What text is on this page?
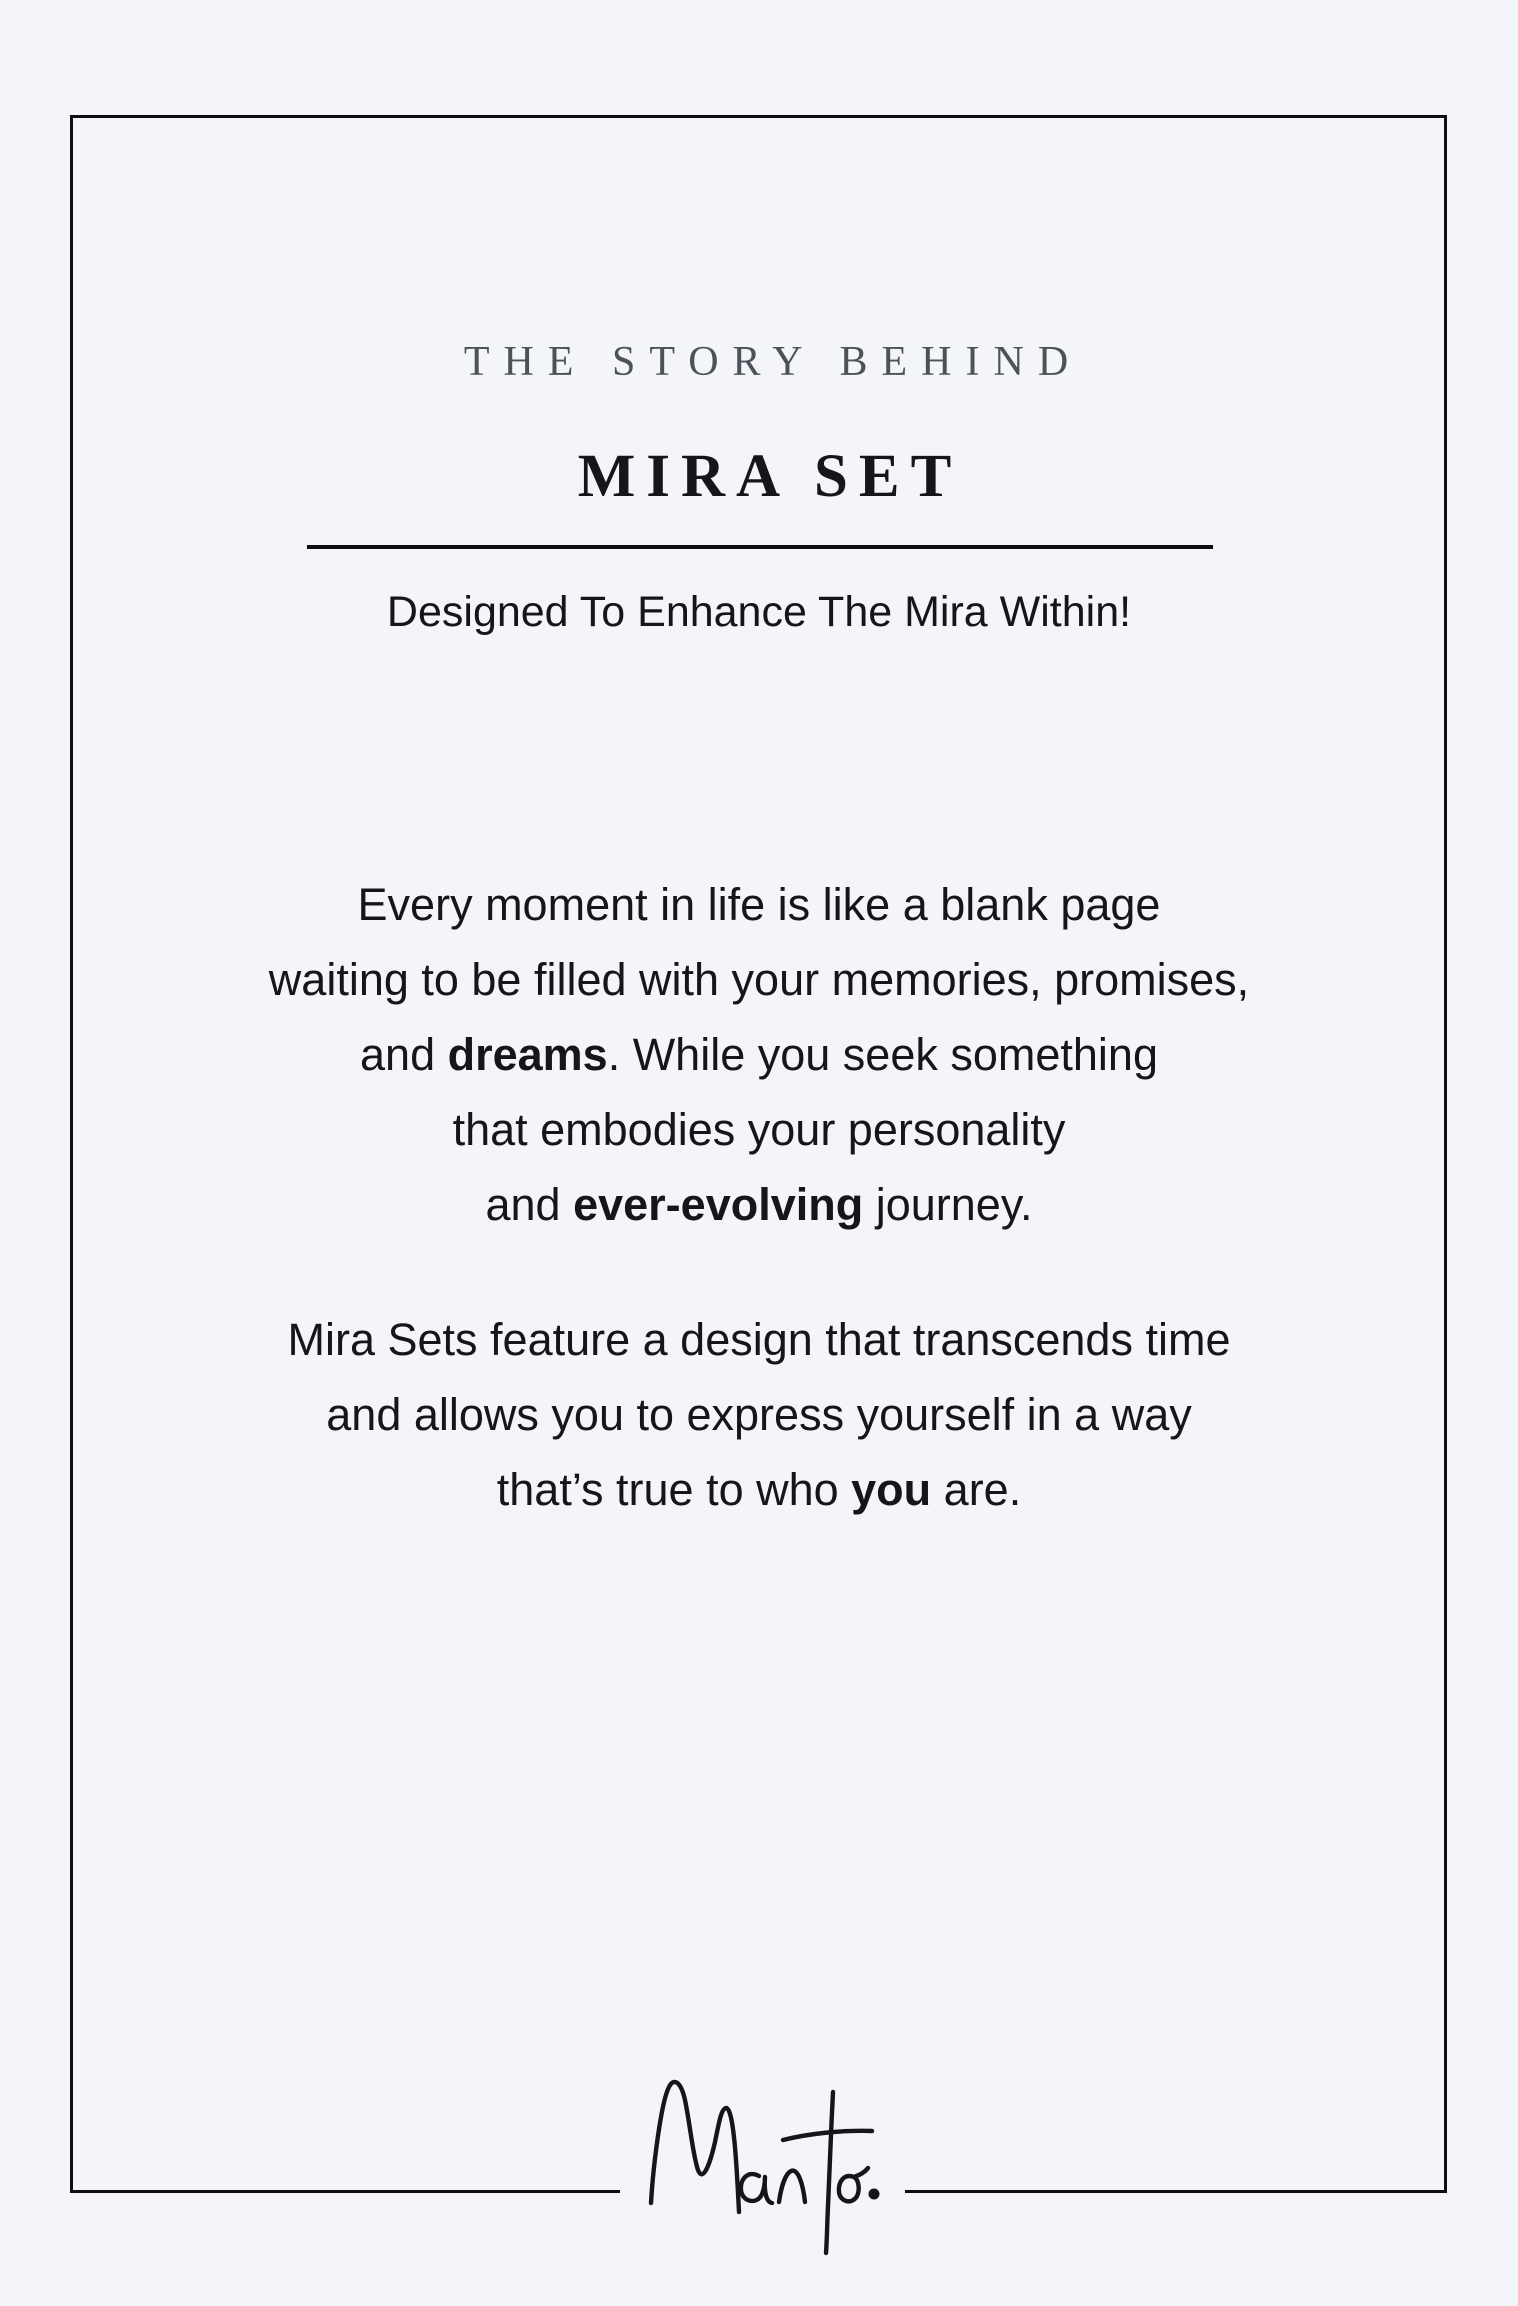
THE STORY BEHIND
MIRA SET
Designed To Enhance The Mira Within!
Every moment in life is like a blank page
waiting to be filled with your memories, promises,
and dreams. While you seek something
that embodies your personality
and ever-evolving journey.
Mira Sets feature a design that transcends time
and allows you to express yourself in a way
that’s true to who you are.
